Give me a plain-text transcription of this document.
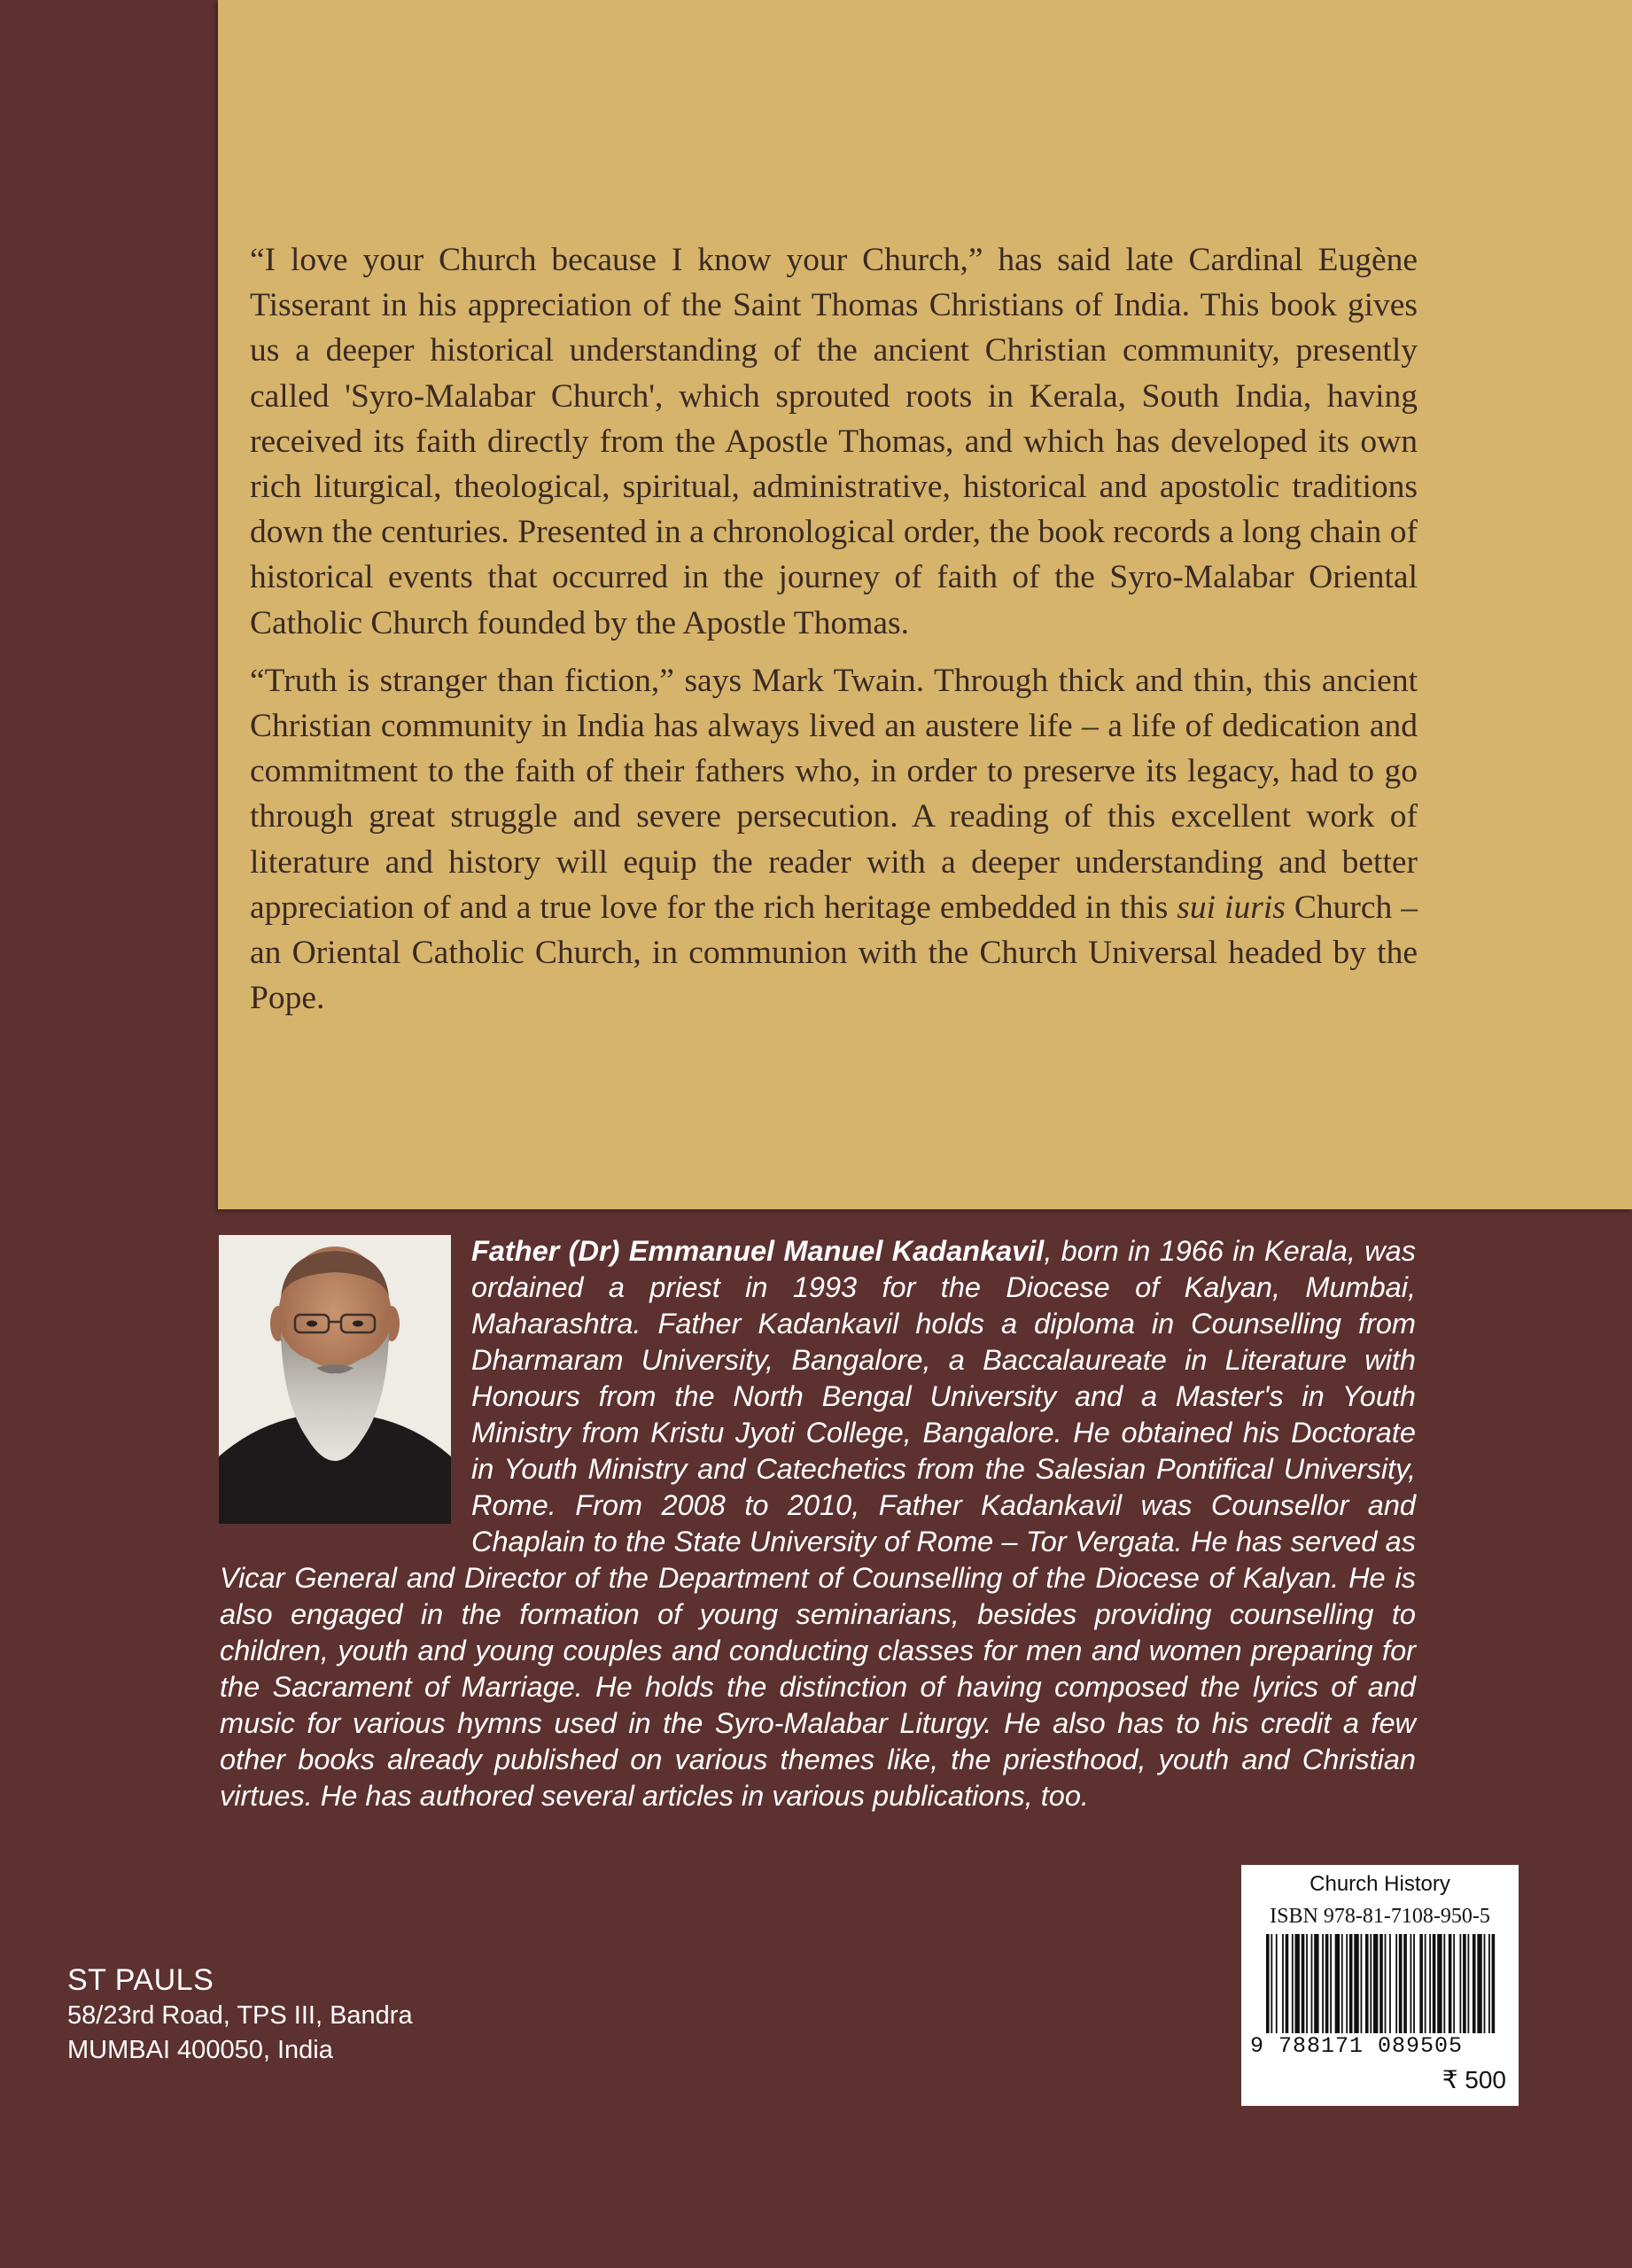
“I love your Church because I know your Church,” has said late Cardinal Eugène Tisserant in his appreciation of the Saint Thomas Christians of India. This book gives us a deeper historical understanding of the ancient Christian community, presently called 'Syro-Malabar Church', which sprouted roots in Kerala, South India, having received its faith directly from the Apostle Thomas, and which has developed its own rich liturgical, theological, spiritual, administrative, historical and apostolic traditions down the centuries. Presented in a chronological order, the book records a long chain of historical events that occurred in the journey of faith of the Syro-Malabar Oriental Catholic Church founded by the Apostle Thomas.

“Truth is stranger than fiction,” says Mark Twain. Through thick and thin, this ancient Christian community in India has always lived an austere life – a life of dedication and commitment to the faith of their fathers who, in order to preserve its legacy, had to go through great struggle and severe persecution. A reading of this excellent work of literature and history will equip the reader with a deeper understanding and better appreciation of and a true love for the rich heritage embedded in this sui iuris Church – an Oriental Catholic Church, in communion with the Church Universal headed by the Pope.

Father (Dr) Emmanuel Manuel Kadankavil, born in 1966 in Kerala, was ordained a priest in 1993 for the Diocese of Kalyan, Mumbai, Maharashtra. Father Kadankavil holds a diploma in Counselling from Dharmaram University, Bangalore, a Baccalaureate in Literature with Honours from the North Bengal University and a Master's in Youth Ministry from Kristu Jyoti College, Bangalore. He obtained his Doctorate in Youth Ministry and Catechetics from the Salesian Pontifical University, Rome. From 2008 to 2010, Father Kadankavil was Counsellor and Chaplain to the State University of Rome – Tor Vergata. He has served as Vicar General and Director of the Department of Counselling of the Diocese of Kalyan. He is also engaged in the formation of young seminarians, besides providing counselling to children, youth and young couples and conducting classes for men and women preparing for the Sacrament of Marriage. He holds the distinction of having composed the lyrics of and music for various hymns used in the Syro-Malabar Liturgy. He also has to his credit a few other books already published on various themes like, the priesthood, youth and Christian virtues. He has authored several articles in various publications, too.
ST PAULS
58/23rd Road, TPS III, Bandra
MUMBAI 400050, India
Church History
ISBN 978-81-7108-950-5
9 788171 089505
₹ 500
